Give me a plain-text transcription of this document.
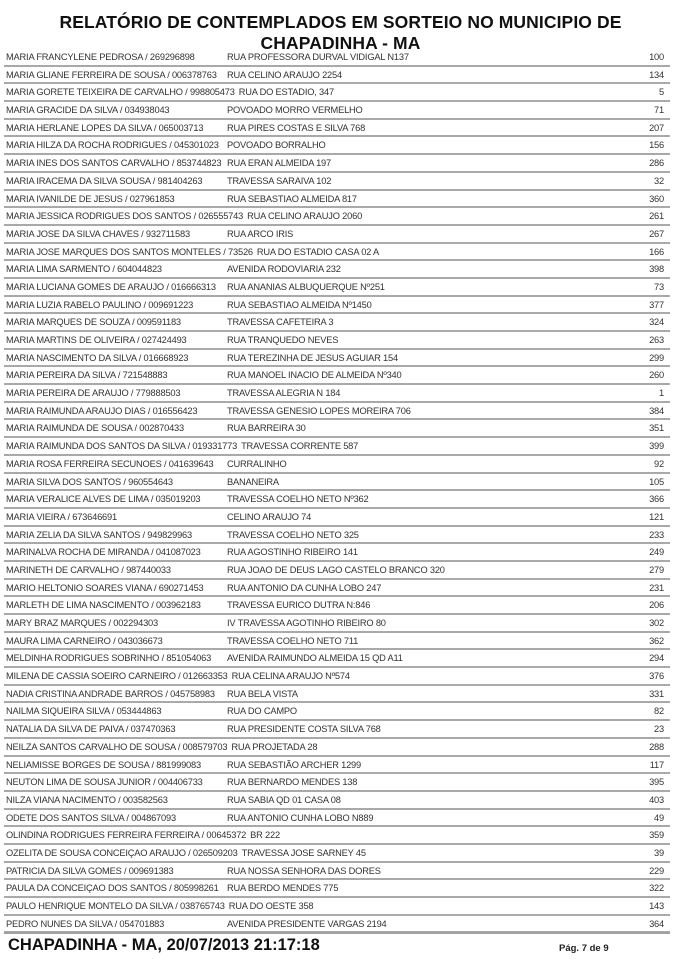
RELATÓRIO DE CONTEMPLADOS EM SORTEIO NO MUNICIPIO DE CHAPADINHA - MA
MARIA FRANCYLENE PEDROSA / 269296898	RUA PROFESSORA DURVAL VIDIGAL N137	100
MARIA GLIANE FERREIRA DE SOUSA / 006378763	RUA CELINO ARAUJO 2254	134
MARIA GORETE TEIXEIRA DE CARVALHO / 998805473 RUA DO ESTADIO, 347	5
MARIA GRACIDE DA SILVA / 034938043	POVOADO MORRO VERMELHO	71
MARIA HERLANE LOPES DA SILVA / 065003713	RUA PIRES COSTAS E SILVA 768	207
MARIA HILZA DA ROCHA RODRIGUES / 045301023 POVOADO BORRALHO	156
MARIA INES DOS SANTOS CARVALHO / 853744823 RUA ERAN ALMEIDA 197	286
MARIA IRACEMA DA SILVA SOUSA / 981404263	TRAVESSA SARAIVA 102	32
MARIA IVANILDE DE JESUS / 027961853	RUA SEBASTIAO ALMEIDA 817	360
MARIA JESSICA RODRIGUES DOS SANTOS / 026555743 RUA CELINO ARAUJO 2060	261
MARIA JOSE DA SILVA CHAVES / 932711583	RUA ARCO IRIS	267
MARIA JOSE MARQUES DOS SANTOS MONTELES / 73526 RUA DO ESTADIO CASA 02 A	166
MARIA LIMA SARMENTO / 604044823	AVENIDA RODOVIARIA 232	398
MARIA LUCIANA GOMES DE ARAUJO / 016666313	RUA ANANIAS ALBUQUERQUE Nº251	73
MARIA LUZIA RABELO PAULINO / 009691223	RUA SEBASTIAO ALMEIDA Nº1450	377
MARIA MARQUES DE SOUZA / 009591183	TRAVESSA CAFETEIRA 3	324
MARIA MARTINS DE OLIVEIRA / 027424493	RUA TRANQUEDO NEVES	263
MARIA NASCIMENTO DA SILVA / 016668923	RUA TEREZINHA DE JESUS AGUIAR 154	299
MARIA PEREIRA DA SILVA / 721548883	RUA MANOEL INACIO DE ALMEIDA Nº340	260
MARIA PEREIRA DE ARAUJO / 779888503	TRAVESSA ALEGRIA N 184	1
MARIA RAIMUNDA ARAUJO DIAS / 016556423	TRAVESSA GENESIO LOPES MOREIRA 706	384
MARIA RAIMUNDA DE SOUSA / 002870433	RUA BARREIRA 30	351
MARIA RAIMUNDA DOS SANTOS DA SILVA / 019331773 TRAVESSA CORRENTE 587	399
MARIA ROSA FERREIRA SECUNOES / 041639643	CURRALINHO	92
MARIA SILVA DOS SANTOS / 960554643	BANANEIRA	105
MARIA VERALICE ALVES DE LIMA / 035019203	TRAVESSA COELHO NETO Nº362	366
MARIA VIEIRA / 673646691	CELINO ARAUJO 74	121
MARIA ZELIA DA SILVA SANTOS / 949829963	TRAVESSA COELHO NETO 325	233
MARINALVA ROCHA DE MIRANDA / 041087023	RUA AGOSTINHO RIBEIRO 141	249
MARINETH DE CARVALHO / 987440033	RUA JOAO DE DEUS LAGO CASTELO BRANCO 320	279
MARIO HELTONIO SOARES VIANA / 690271453	RUA ANTONIO DA CUNHA LOBO 247	231
MARLETH DE LIMA NASCIMENTO / 003962183	TRAVESSA EURICO DUTRA N:846	206
MARY BRAZ MARQUES / 002294303	IV TRAVESSA AGOTINHO RIBEIRO 80	302
MAURA LIMA CARNEIRO / 043036673	TRAVESSA COELHO NETO 711	362
MELDINHA RODRIGUES SOBRINHO / 851054063	AVENIDA RAIMUNDO ALMEIDA 15 QD A11	294
MILENA DE CASSIA SOEIRO CARNEIRO / 012663353 RUA CELINA ARAUJO Nº574	376
NADIA CRISTINA ANDRADE BARROS / 045758983	RUA BELA VISTA	331
NAILMA SIQUEIRA SILVA / 053444863	RUA DO CAMPO	82
NATALIA DA SILVA DE PAIVA / 037470363	RUA PRESIDENTE COSTA SILVA 768	23
NEILZA SANTOS CARVALHO DE SOUSA / 008579703 RUA PROJETADA 28	288
NELIAMISSE BORGES DE SOUSA / 881999083	RUA SEBASTIÃO ARCHER 1299	117
NEUTON LIMA DE SOUSA JUNIOR / 004406733	RUA BERNARDO MENDES 138	395
NILZA VIANA NACIMENTO / 003582563	RUA SABIA QD 01 CASA 08	403
ODETE DOS SANTOS SILVA / 004867093	RUA ANTONIO CUNHA LOBO N889	49
OLINDINA RODRIGUES FERREIRA FERREIRA / 00645372 BR 222	359
OZELITA DE SOUSA CONCEIÇAO ARAUJO / 026509203 TRAVESSA JOSE SARNEY 45	39
PATRICIA DA SILVA GOMES / 009691383	RUA NOSSA SENHORA DAS DORES	229
PAULA DA CONCEIÇAO DOS SANTOS / 805998261 RUA BERDO MENDES 775	322
PAULO HENRIQUE MONTELO DA SILVA / 038765743 RUA DO OESTE 358	143
PEDRO NUNES DA SILVA / 054701883	AVENIDA PRESIDENTE VARGAS 2194	364
CHAPADINHA - MA, 20/07/2013 21:17:18	Pág. 7 de 9
